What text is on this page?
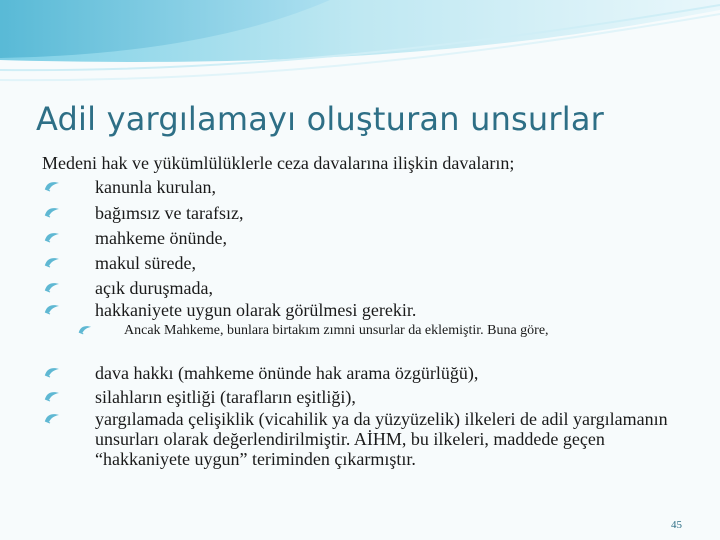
Adil yargılamayı oluşturan unsurlar
Medeni hak ve yükümlülüklerle ceza davalarına ilişkin davaların;
kanunla kurulan,
bağımsız ve tarafsız,
mahkeme önünde,
makul sürede,
açık duruşmada,
hakkaniyete uygun olarak görülmesi gerekir.
Ancak Mahkeme, bunlara birtakım zımni unsurlar da eklemiştir. Buna göre,
dava hakkı (mahkeme önünde hak arama özgürlüğü),
silahların eşitliği (tarafların eşitliği),
yargılamada çelişiklik (vicahilik ya da yüzyüzelik) ilkeleri de adil yargılamanın unsurları olarak değerlendirilmiştir. AİHM, bu ilkeleri, maddede geçen “hakkaniyete uygun” teriminden çıkarmıştır.
45
